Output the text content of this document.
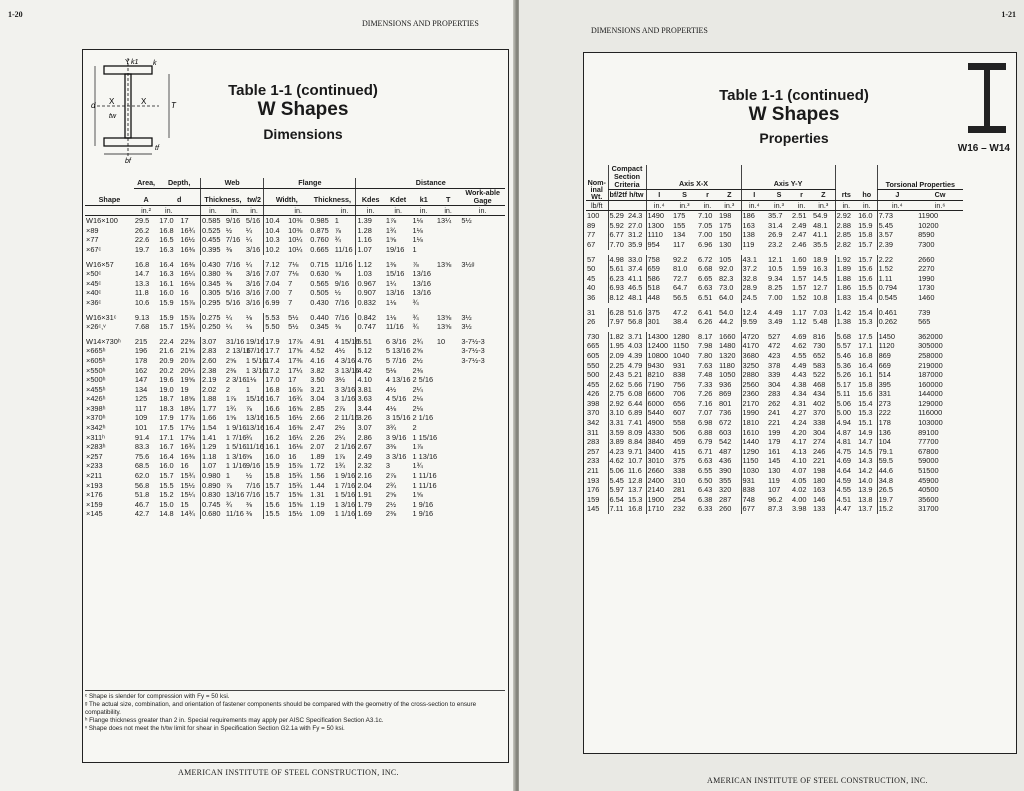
1-20
DIMENSIONS AND PROPERTIES
d X	X
tw
T
Y k1 k
bf
tf
Table 1-1 (continued)
W Shapes
Dimensions
Shape	Area,	Depth,		Web			Flange				Distance				
	A	d		Thickness,		tw/2	Width,		Thickness,		Kdes	Kdet	k1	T	Work-able Gage
	in.²	in.		in.	in.	in.		in.		in.	in.	in.	in.	in.	in.
W16×100	29.5	17.0	17	0.585	9/16	5/16	10.4	10⅜	0.985	1	1.39	1⅞	1⅛	13¼	5½
×89	26.2	16.8	16¾	0.525	½	¼	10.4	10⅜	0.875	⅞	1.28	1¾	1⅛		
×77	22.6	16.5	16½	0.455	7/16	¼	10.3	10¼	0.760	¾	1.16	1⅝	1⅛		
×67ᶜ	19.7	16.3	16⅜	0.395	⅜	3/16	10.2	10¼	0.665	11/16	1.07	19/16	1		

W16×57	16.8	16.4	16⅜	0.430	7/16	¼	7.12	7⅛	0.715	11/16	1.12	1⅜	⅞	13⅝	3½ᵍ
×50ᶜ	14.7	16.3	16¼	0.380	⅜	3/16	7.07	7⅛	0.630	⅝	1.03	15/16	13/16		
×45ᶜ	13.3	16.1	16⅛	0.345	⅜	3/16	7.04	7	0.565	9/16	0.967	1¼	13/16		
×40ᶜ	11.8	16.0	16	0.305	5/16	3/16	7.00	7	0.505	½	0.907	13/16	13/16		
×36ᶜ	10.6	15.9	15⅞	0.295	5/16	3/16	6.99	7	0.430	7/16	0.832	1⅛	¾		

W16×31ᶜ	9.13	15.9	15⅞	0.275	¼	⅛	5.53	5½	0.440	7/16	0.842	1⅛	¾	13⅝	3½
×26ᶜ,ᵛ	7.68	15.7	15¾	0.250	¼	⅛	5.50	5½	0.345	⅜	0.747	11/16	¾	13⅝	3½

W14×730ʰ	215	22.4	22⅜	3.07	31/16	19/16	17.9	17⅞	4.91	4 15/16	5.51	6 3/16	2¾	10	3-7½-3
×665ʰ	196	21.6	21⅝	2.83	2 13/16	17/16	17.7	17⅝	4.52	4½	5.12	5 13/16	2⅝		3-7½-3
×605ʰ	178	20.9	20⅞	2.60	2⅝	1 5/16	17.4	17⅜	4.16	4 3/16	4.76	5 7/16	2½		3-7½-3
×550ʰ	162	20.2	20¼	2.38	2⅜	1 3/16	17.2	17¼	3.82	3 13/16	4.42	5⅛	2⅜		
×500ʰ	147	19.6	19⅝	2.19	2 3/16	1⅛	17.0	17	3.50	3½	4.10	4 13/16	2 5/16		
×455ʰ	134	19.0	19	2.02	2	1	16.8	16⅞	3.21	3 3/16	3.81	4½	2¼		
×426ʰ	125	18.7	18⅝	1.88	1⅞	15/16	16.7	16¾	3.04	3 1/16	3.63	4 5/16	2⅛		
×398ʰ	117	18.3	18¼	1.77	1¾	⅞	16.6	16⅝	2.85	2⅞	3.44	4⅛	2⅛		
×370ʰ	109	17.9	17⅞	1.66	1⅝	13/16	16.5	16½	2.66	2 11/16	3.26	3 15/16	2 1/16		
×342ʰ	101	17.5	17½	1.54	1 9/16	13/16	16.4	16⅜	2.47	2½	3.07	3¾	2		
×311ʰ	91.4	17.1	17⅛	1.41	1 7/16	¾	16.2	16¼	2.26	2¼	2.86	3 9/16	1 15/16		
×283ʰ	83.3	16.7	16¾	1.29	1 5/16	11/16	16.1	16⅛	2.07	2 1/16	2.67	3⅜	1⅞		
×257	75.6	16.4	16⅜	1.18	1 3/16	⅝	16.0	16	1.89	1⅞	2.49	3 3/16	1 13/16		
×233	68.5	16.0	16	1.07	1 1/16	9/16	15.9	15⅞	1.72	1¾	2.32	3	1¾		
×211	62.0	15.7	15¾	0.980	1	½	15.8	15¾	1.56	1 9/16	2.16	2⅞	1 11/16		
×193	56.8	15.5	15½	0.890	⅞	7/16	15.7	15¾	1.44	1 7/16	2.04	2¾	1 11/16		
×176	51.8	15.2	15¼	0.830	13/16	7/16	15.7	15⅝	1.31	1 5/16	1.91	2⅝	1⅝		
×159	46.7	15.0	15	0.745	¾	⅜	15.6	15⅝	1.19	1 3/16	1.79	2½	1 9/16		
×145	42.7	14.8	14¾	0.680	11/16	⅜	15.5	15½	1.09	1 1/16	1.69	2⅜	1 9/16		
ᶜ Shape is slender for compression with Fy = 50 ksi.
ᵍ The actual size, combination, and orientation of fastener components should be compared with the geometry of the cross-section to ensure compatibility.
ʰ Flange thickness greater than 2 in. Special requirements may apply per AISC Specification Section A3.1c.
ᵛ Shape does not meet the h/tw limit for shear in Specification Section G2.1a with Fy = 50 ksi.
AMERICAN INSTITUTE OF STEEL CONSTRUCTION, INC.
1-21
DIMENSIONS AND PROPERTIES
Table 1-1 (continued)
W Shapes
Properties
W16 – W14
Nom-inal Wt.	Compact Section Criteria		Axis X-X				Axis Y-Y				rts	ho	Torsional Properties	
	bf/2tf	h/tw	I	S	r	Z	I	S	r	Z			J	Cw
lb/ft			in.⁴	in.³	in.	in.³	in.⁴	in.³	in.	in.³	in.	in.	in.⁴	in.⁶
100	5.29	24.3	1490	175	7.10	198	186	35.7	2.51	54.9	2.92	16.0	7.73	11900
89	5.92	27.0	1300	155	7.05	175	163	31.4	2.49	48.1	2.88	15.9	5.45	10200
77	6.77	31.2	1110	134	7.00	150	138	26.9	2.47	41.1	2.85	15.8	3.57	8590
67	7.70	35.9	954	117	6.96	130	119	23.2	2.46	35.5	2.82	15.7	2.39	7300

57	4.98	33.0	758	92.2	6.72	105	43.1	12.1	1.60	18.9	1.92	15.7	2.22	2660
50	5.61	37.4	659	81.0	6.68	92.0	37.2	10.5	1.59	16.3	1.89	15.6	1.52	2270
45	6.23	41.1	586	72.7	6.65	82.3	32.8	9.34	1.57	14.5	1.88	15.6	1.11	1990
40	6.93	46.5	518	64.7	6.63	73.0	28.9	8.25	1.57	12.7	1.86	15.5	0.794	1730
36	8.12	48.1	448	56.5	6.51	64.0	24.5	7.00	1.52	10.8	1.83	15.4	0.545	1460

31	6.28	51.6	375	47.2	6.41	54.0	12.4	4.49	1.17	7.03	1.42	15.4	0.461	739
26	7.97	56.8	301	38.4	6.26	44.2	9.59	3.49	1.12	5.48	1.38	15.3	0.262	565

730	1.82	3.71	14300	1280	8.17	1660	4720	527	4.69	816	5.68	17.5	1450	362000
665	1.95	4.03	12400	1150	7.98	1480	4170	472	4.62	730	5.57	17.1	1120	305000
605	2.09	4.39	10800	1040	7.80	1320	3680	423	4.55	652	5.46	16.8	869	258000
550	2.25	4.79	9430	931	7.63	1180	3250	378	4.49	583	5.36	16.4	669	219000
500	2.43	5.21	8210	838	7.48	1050	2880	339	4.43	522	5.26	16.1	514	187000
455	2.62	5.66	7190	756	7.33	936	2560	304	4.38	468	5.17	15.8	395	160000
426	2.75	6.08	6600	706	7.26	869	2360	283	4.34	434	5.11	15.6	331	144000
398	2.92	6.44	6000	656	7.16	801	2170	262	4.31	402	5.06	15.4	273	129000
370	3.10	6.89	5440	607	7.07	736	1990	241	4.27	370	5.00	15.3	222	116000
342	3.31	7.41	4900	558	6.98	672	1810	221	4.24	338	4.94	15.1	178	103000
311	3.59	8.09	4330	506	6.88	603	1610	199	4.20	304	4.87	14.9	136	89100
283	3.89	8.84	3840	459	6.79	542	1440	179	4.17	274	4.81	14.7	104	77700
257	4.23	9.71	3400	415	6.71	487	1290	161	4.13	246	4.75	14.5	79.1	67800
233	4.62	10.7	3010	375	6.63	436	1150	145	4.10	221	4.69	14.3	59.5	59000
211	5.06	11.6	2660	338	6.55	390	1030	130	4.07	198	4.64	14.2	44.6	51500
193	5.45	12.8	2400	310	6.50	355	931	119	4.05	180	4.59	14.0	34.8	45900
176	5.97	13.7	2140	281	6.43	320	838	107	4.02	163	4.55	13.9	26.5	40500
159	6.54	15.3	1900	254	6.38	287	748	96.2	4.00	146	4.51	13.8	19.7	35600
145	7.11	16.8	1710	232	6.33	260	677	87.3	3.98	133	4.47	13.7	15.2	31700
AMERICAN INSTITUTE OF STEEL CONSTRUCTION, INC.
